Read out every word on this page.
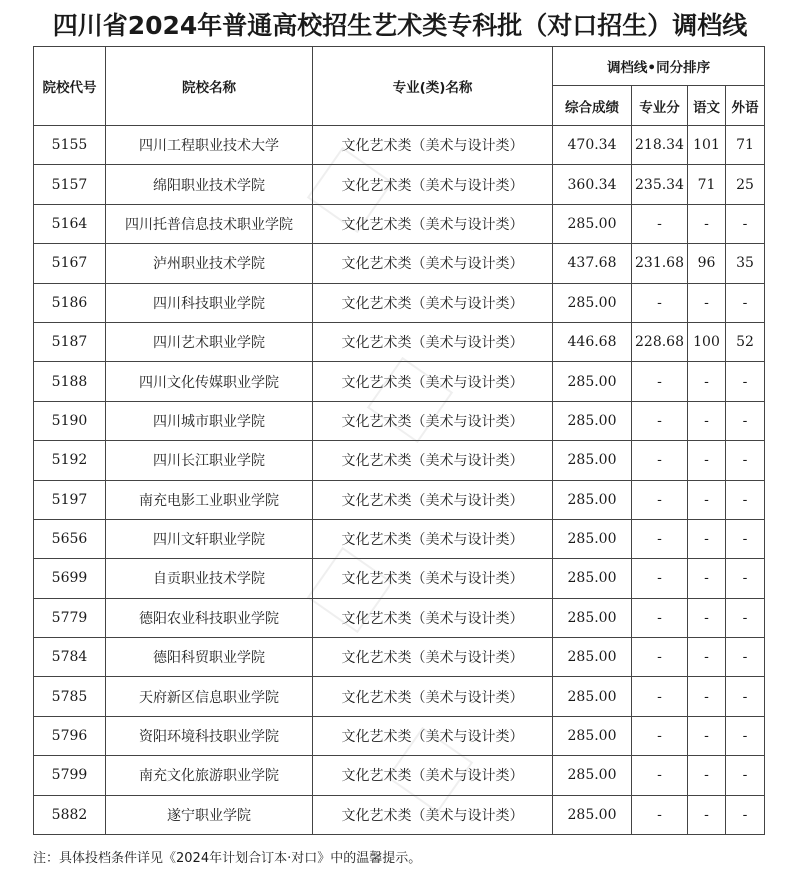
四川省2024年普通高校招生艺术类专科批（对口招生）调档线
院校代号	院校名称	专业(类)名称	调档线•同分排序			
			综合成绩	专业分	语文	外语
5155	四川工程职业技术大学	文化艺术类（美术与设计类）	470.34	218.34	101	71
5157	绵阳职业技术学院	文化艺术类（美术与设计类）	360.34	235.34	71	25
5164	四川托普信息技术职业学院	文化艺术类（美术与设计类）	285.00	-	-	-
5167	泸州职业技术学院	文化艺术类（美术与设计类）	437.68	231.68	96	35
5186	四川科技职业学院	文化艺术类（美术与设计类）	285.00	-	-	-
5187	四川艺术职业学院	文化艺术类（美术与设计类）	446.68	228.68	100	52
5188	四川文化传媒职业学院	文化艺术类（美术与设计类）	285.00	-	-	-
5190	四川城市职业学院	文化艺术类（美术与设计类）	285.00	-	-	-
5192	四川长江职业学院	文化艺术类（美术与设计类）	285.00	-	-	-
5197	南充电影工业职业学院	文化艺术类（美术与设计类）	285.00	-	-	-
5656	四川文轩职业学院	文化艺术类（美术与设计类）	285.00	-	-	-
5699	自贡职业技术学院	文化艺术类（美术与设计类）	285.00	-	-	-
5779	德阳农业科技职业学院	文化艺术类（美术与设计类）	285.00	-	-	-
5784	德阳科贸职业学院	文化艺术类（美术与设计类）	285.00	-	-	-
5785	天府新区信息职业学院	文化艺术类（美术与设计类）	285.00	-	-	-
5796	资阳环境科技职业学院	文化艺术类（美术与设计类）	285.00	-	-	-
5799	南充文化旅游职业学院	文化艺术类（美术与设计类）	285.00	-	-	-
5882	遂宁职业学院	文化艺术类（美术与设计类）	285.00	-	-	-
注：具体投档条件详见《2024年计划合订本·对口》中的温馨提示。
